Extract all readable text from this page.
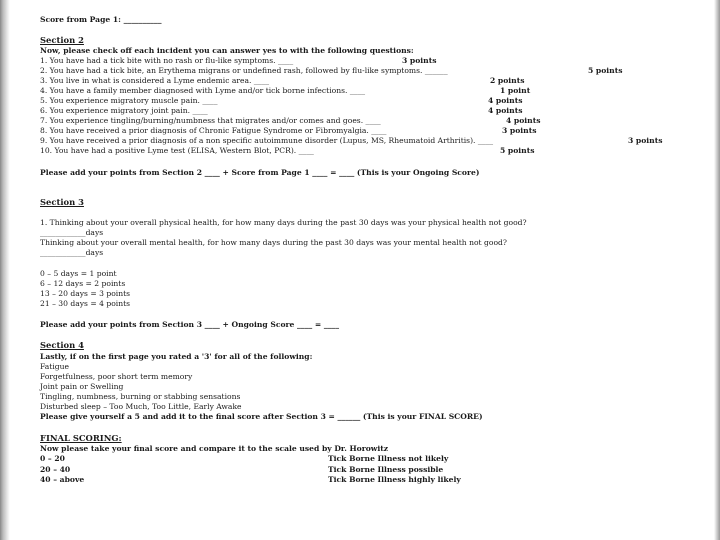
Score from Page 1: __________
Section 2
Now, please check off each incident you can answer yes to with the following questions:
1. You have had a tick bite with no rash or flu-like symptoms. ____	3 points
2. You have had a tick bite, an Erythema migrans or undefined rash, followed by flu-like symptoms. ______	5 points
3. You live in what is considered a Lyme endemic area. ____	2 points
4. You have a family member diagnosed with Lyme and/or tick borne infections. ____	1 point
5. You experience migratory muscle pain. ____	4 points
6. You experience migratory joint pain. ____	4 points
7. You experience tingling/burning/numbness that migrates and/or comes and goes. ____	4 points
8. You have received a prior diagnosis of Chronic Fatigue Syndrome or Fibromyalgia. ____	3 points
9. You have received a prior diagnosis of a non specific autoimmune disorder (Lupus, MS, Rheumatoid Arthritis). ____	3 points
10. You have had a positive Lyme test (ELISA, Western Blot, PCR). ____	5 points
Please add your points from Section 2 ____ + Score from Page 1 ____ = ____ (This is your Ongoing Score)
Section 3
1. Thinking about your overall physical health, for how many days during the past 30 days was your physical health not good?
____________days
Thinking about your overall mental health, for how many days during the past 30 days was your mental health not good?
____________days
0 – 5 days = 1 point
6 – 12 days = 2 points
13 – 20 days = 3 points
21 – 30 days = 4 points
Please add your points from Section 3 ____ + Ongoing Score ____ = ____
Section 4
Lastly, if on the first page you rated a '3' for all of the following:
Fatigue
Forgetfulness, poor short term memory
Joint pain or Swelling
Tingling, numbness, burning or stabbing sensations
Disturbed sleep – Too Much, Too Little, Early Awake
Please give yourself a 5 and add it to the final score after Section 3 = ______ (This is your FINAL SCORE)
FINAL SCORING:
Now please take your final score and compare it to the scale used by Dr. Horowitz
0 – 20	Tick Borne Illness not likely
20 – 40	Tick Borne Illness possible
40 – above	Tick Borne Illness highly likely
